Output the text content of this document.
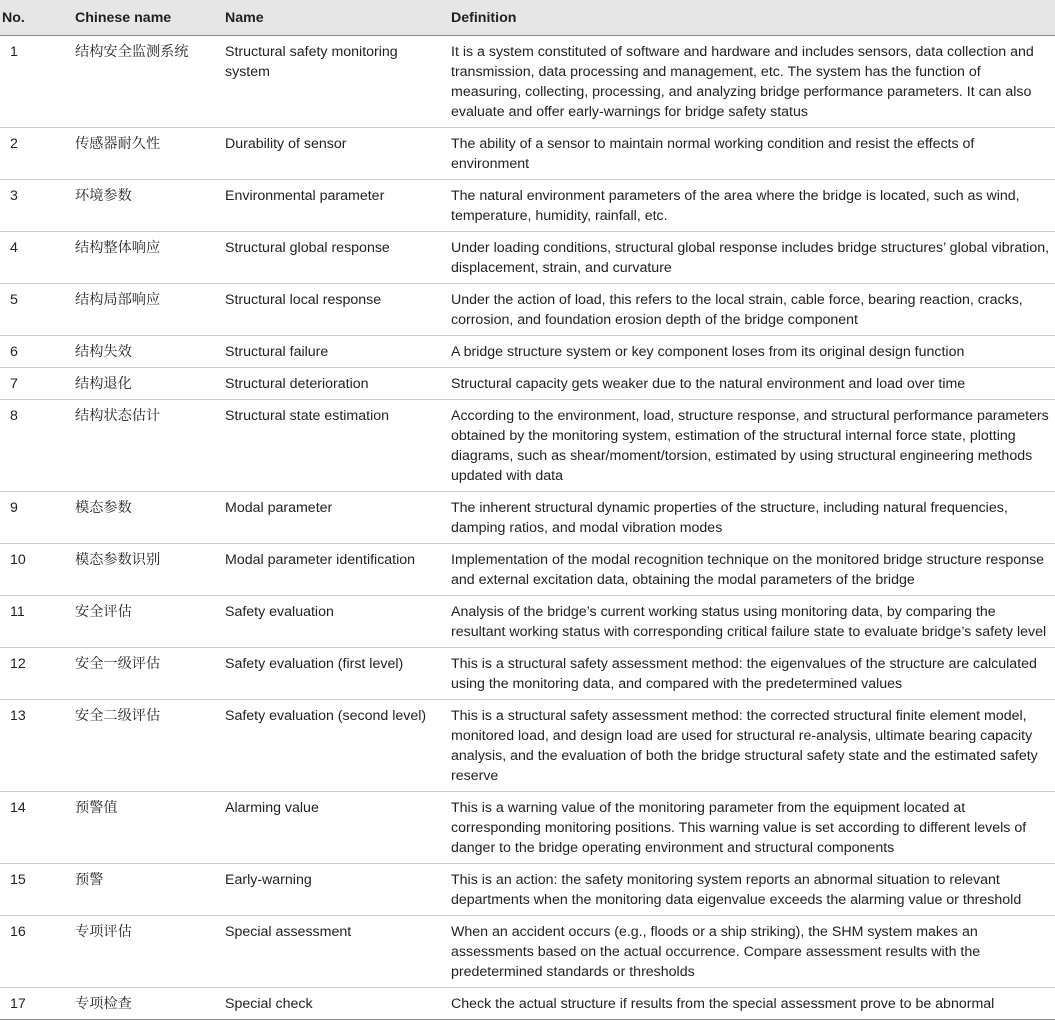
No.	Chinese name	Name	Definition
1	结构安全监测系统	Structural safety monitoring system	It is a system constituted of software and hardware and includes sensors, data collection and transmission, data processing and management, etc. The system has the function of measuring, collecting, processing, and analyzing bridge performance parameters. It can also evaluate and offer early-warnings for bridge safety status
2	传感器耐久性	Durability of sensor	The ability of a sensor to maintain normal working condition and resist the effects of environment
3	环境参数	Environmental parameter	The natural environment parameters of the area where the bridge is located, such as wind, temperature, humidity, rainfall, etc.
4	结构整体响应	Structural global response	Under loading conditions, structural global response includes bridge structures’ global vibration, displacement, strain, and curvature
5	结构局部响应	Structural local response	Under the action of load, this refers to the local strain, cable force, bearing reaction, cracks, corrosion, and foundation erosion depth of the bridge component
6	结构失效	Structural failure	A bridge structure system or key component loses from its original design function
7	结构退化	Structural deterioration	Structural capacity gets weaker due to the natural environment and load over time
8	结构状态估计	Structural state estimation	According to the environment, load, structure response, and structural performance parameters obtained by the monitoring system, estimation of the structural internal force state, plotting diagrams, such as shear/moment/torsion, estimated by using structural engineering methods updated with data
9	模态参数	Modal parameter	The inherent structural dynamic properties of the structure, including natural frequencies, damping ratios, and modal vibration modes
10	模态参数识别	Modal parameter identification	Implementation of the modal recognition technique on the monitored bridge structure response and external excitation data, obtaining the modal parameters of the bridge
11	安全评估	Safety evaluation	Analysis of the bridge’s current working status using monitoring data, by comparing the resultant working status with corresponding critical failure state to evaluate bridge’s safety level
12	安全一级评估	Safety evaluation (first level)	This is a structural safety assessment method: the eigenvalues of the structure are calculated using the monitoring data, and compared with the predetermined values
13	安全二级评估	Safety evaluation (second level)	This is a structural safety assessment method: the corrected structural finite element model, monitored load, and design load are used for structural re-analysis, ultimate bearing capacity analysis, and the evaluation of both the bridge structural safety state and the estimated safety reserve
14	预警值	Alarming value	This is a warning value of the monitoring parameter from the equipment located at corresponding monitoring positions. This warning value is set according to different levels of danger to the bridge operating environment and structural components
15	预警	Early-warning	This is an action: the safety monitoring system reports an abnormal situation to relevant departments when the monitoring data eigenvalue exceeds the alarming value or threshold
16	专项评估	Special assessment	When an accident occurs (e.g., floods or a ship striking), the SHM system makes an assessments based on the actual occurrence. Compare assessment results with the predetermined standards or thresholds
17	专项检查	Special check	Check the actual structure if results from the special assessment prove to be abnormal
